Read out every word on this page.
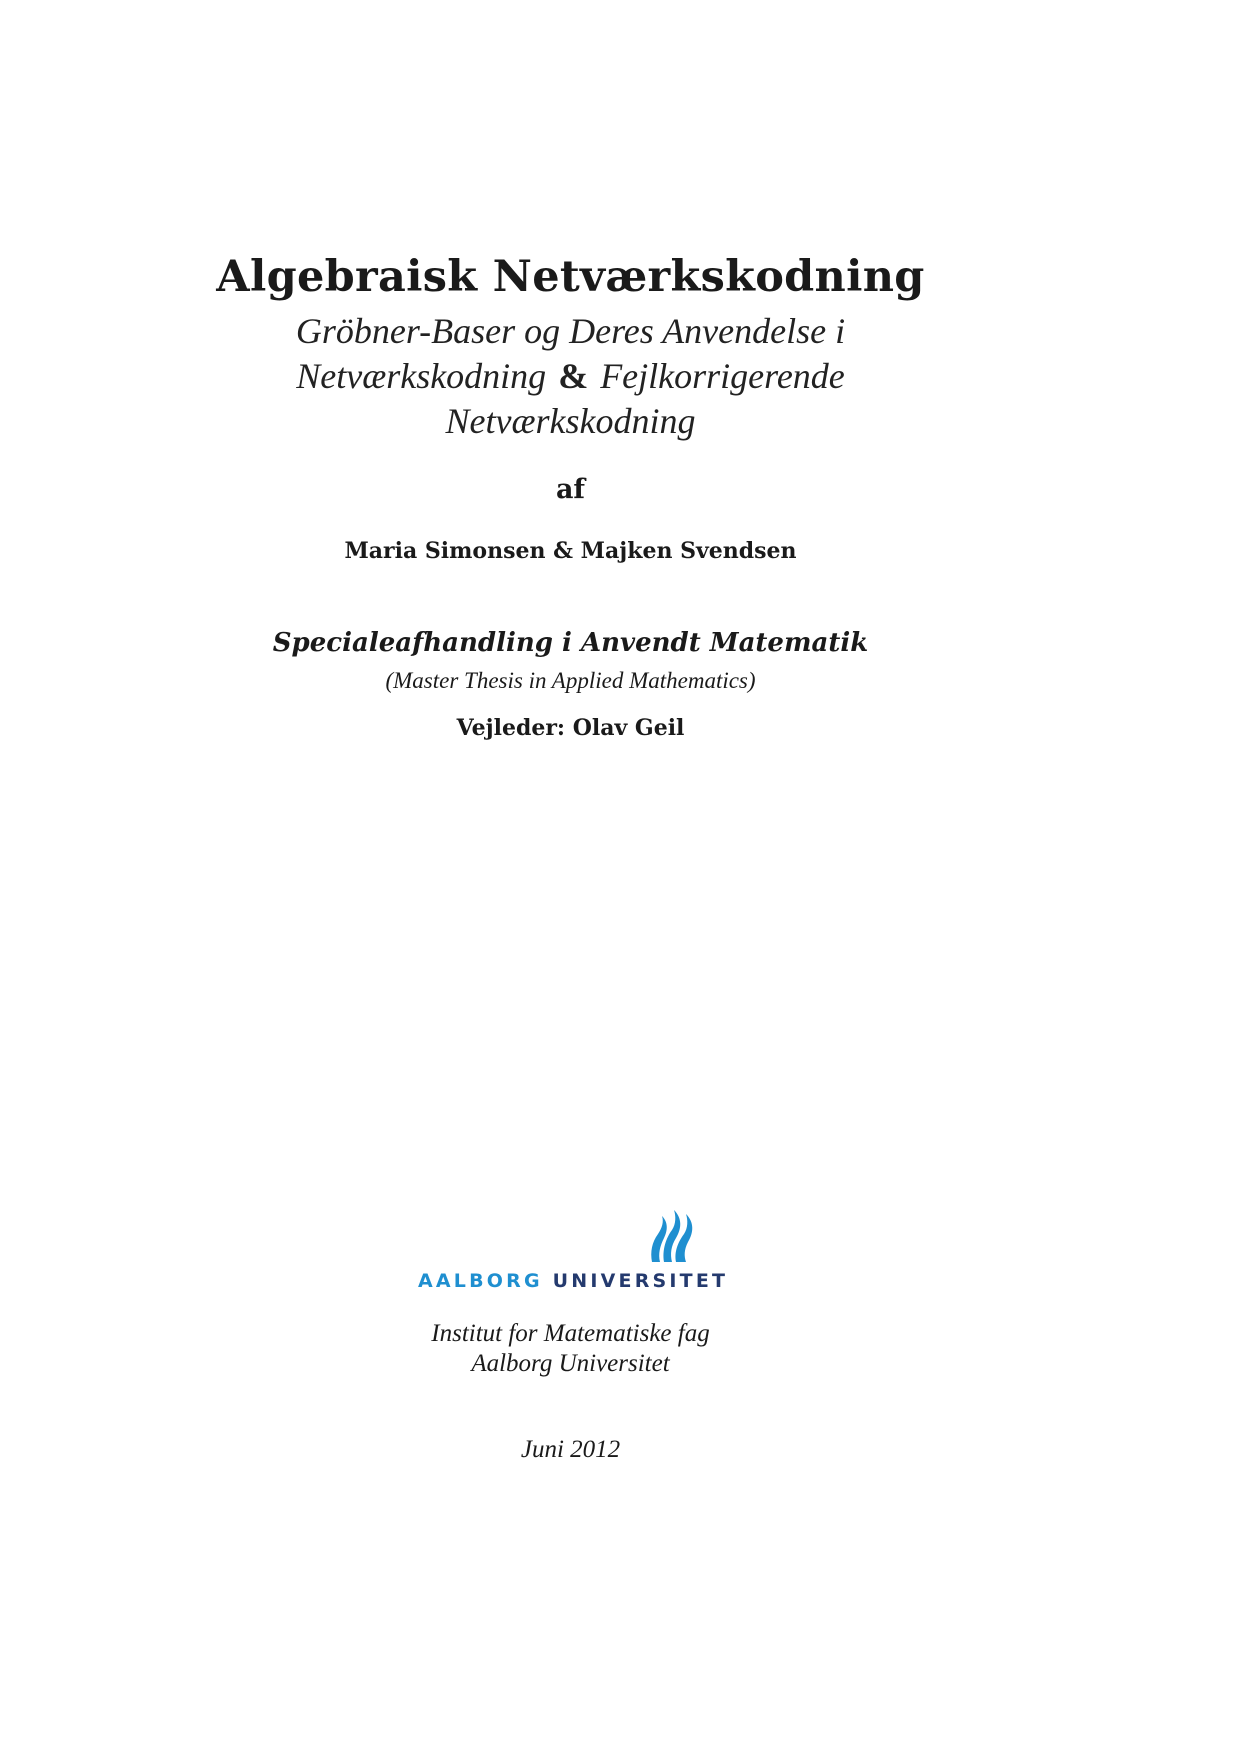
Algebraisk Netværkskodning
Gröbner-Baser og Deres Anvendelse i
Netværkskodning & Fejlkorrigerende
Netværkskodning
af
Maria Simonsen & Majken Svendsen
Specialeafhandling i Anvendt Matematik
(Master Thesis in Applied Mathematics)
Vejleder: Olav Geil
AALBORG UNIVERSITET
Institut for Matematiske fag
Aalborg Universitet
Juni 2012
